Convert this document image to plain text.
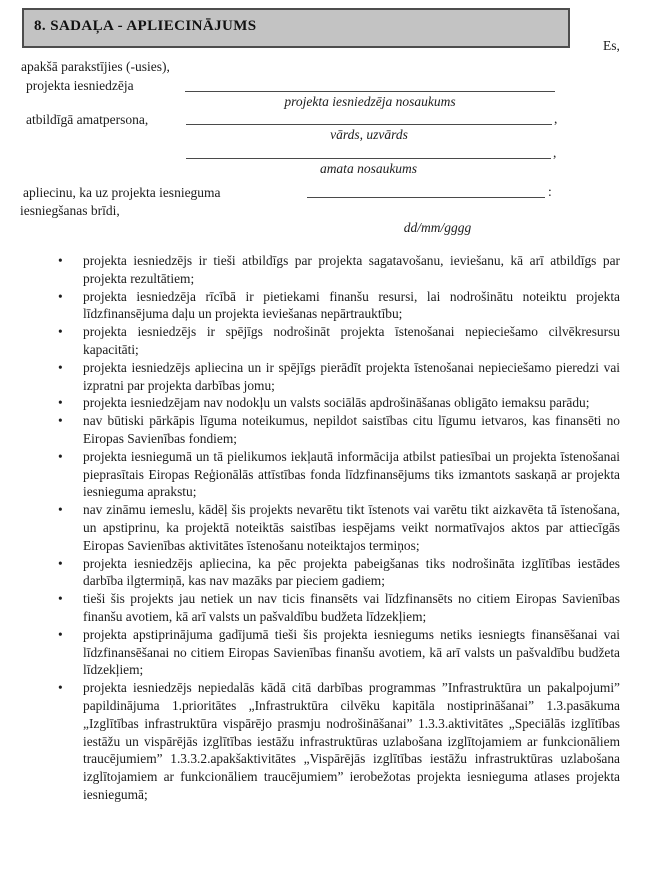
8. SADAĻA - APLIECINĀJUMS
Es,
apakšā parakstījies (-usies),
projekta iesniedzēja
projekta iesniedzēja nosaukums
atbildīgā amatpersona,	,
vārds, uzvārds
,
amata nosaukums
apliecinu, ka uz projekta iesnieguma
iesniegšanas brīdi,
:
dd/mm/gggg
• projekta iesniedzējs ir tieši atbildīgs par projekta sagatavošanu, ieviešanu, kā arī atbildīgs par projekta rezultātiem;
• projekta iesniedzēja rīcībā ir pietiekami finanšu resursi, lai nodrošinātu noteiktu projekta līdzfinansējuma daļu un projekta ieviešanas nepārtrauktību;
• projekta iesniedzējs ir spējīgs nodrošināt projekta īstenošanai nepieciešamo cilvēkresursu kapacitāti;
• projekta iesniedzējs apliecina un ir spējīgs pierādīt projekta īstenošanai nepieciešamo pieredzi vai izpratni par projekta darbības jomu;
• projekta iesniedzējam nav nodokļu un valsts sociālās apdrošināšanas obligāto iemaksu parādu;
• nav būtiski pārkāpis līguma noteikumus, nepildot saistības citu līgumu ietvaros, kas finansēti no Eiropas Savienības fondiem;
• projekta iesniegumā un tā pielikumos iekļautā informācija atbilst patiesībai un projekta īstenošanai pieprasītais Eiropas Reģionālās attīstības fonda līdzfinansējums tiks izmantots saskaņā ar projekta iesnieguma aprakstu;
• nav zināmu iemeslu, kādēļ šis projekts nevarētu tikt īstenots vai varētu tikt aizkavēta tā īstenošana, un apstiprinu, ka projektā noteiktās saistības iespējams veikt normatīvajos aktos par attiecīgās Eiropas Savienības aktivitātes īstenošanu noteiktajos termiņos;
• projekta iesniedzējs apliecina, ka pēc projekta pabeigšanas tiks nodrošināta izglītības iestādes darbība ilgtermiņā, kas nav mazāks par pieciem gadiem;
• tieši šis projekts jau netiek un nav ticis finansēts vai līdzfinansēts no citiem Eiropas Savienības finanšu avotiem, kā arī valsts un pašvaldību budžeta līdzekļiem;
• projekta apstiprinājuma gadījumā tieši šis projekta iesniegums netiks iesniegts finansēšanai vai līdzfinansēšanai no citiem Eiropas Savienības finanšu avotiem, kā arī valsts un pašvaldību budžeta līdzekļiem;
• projekta iesniedzējs nepiedalās kādā citā darbības programmas ”Infrastruktūra un pakalpojumi” papildinājuma 1.prioritātes „Infrastruktūra cilvēku kapitāla nostiprināšanai” 1.3.pasākuma „Izglītības infrastruktūra vispārējo prasmju nodrošināšanai” 1.3.3.aktivitātes „Speciālās izglītības iestāžu un vispārējās izglītības iestāžu infrastruktūras uzlabošana izglītojamiem ar funkcionāliem traucējumiem” 1.3.3.2.apakšaktivitātes „Vispārējās izglītības iestāžu infrastruktūras uzlabošana izglītojamiem ar funkcionāliem traucējumiem” ierobežotas projekta iesnieguma atlases projekta iesniegumā;
